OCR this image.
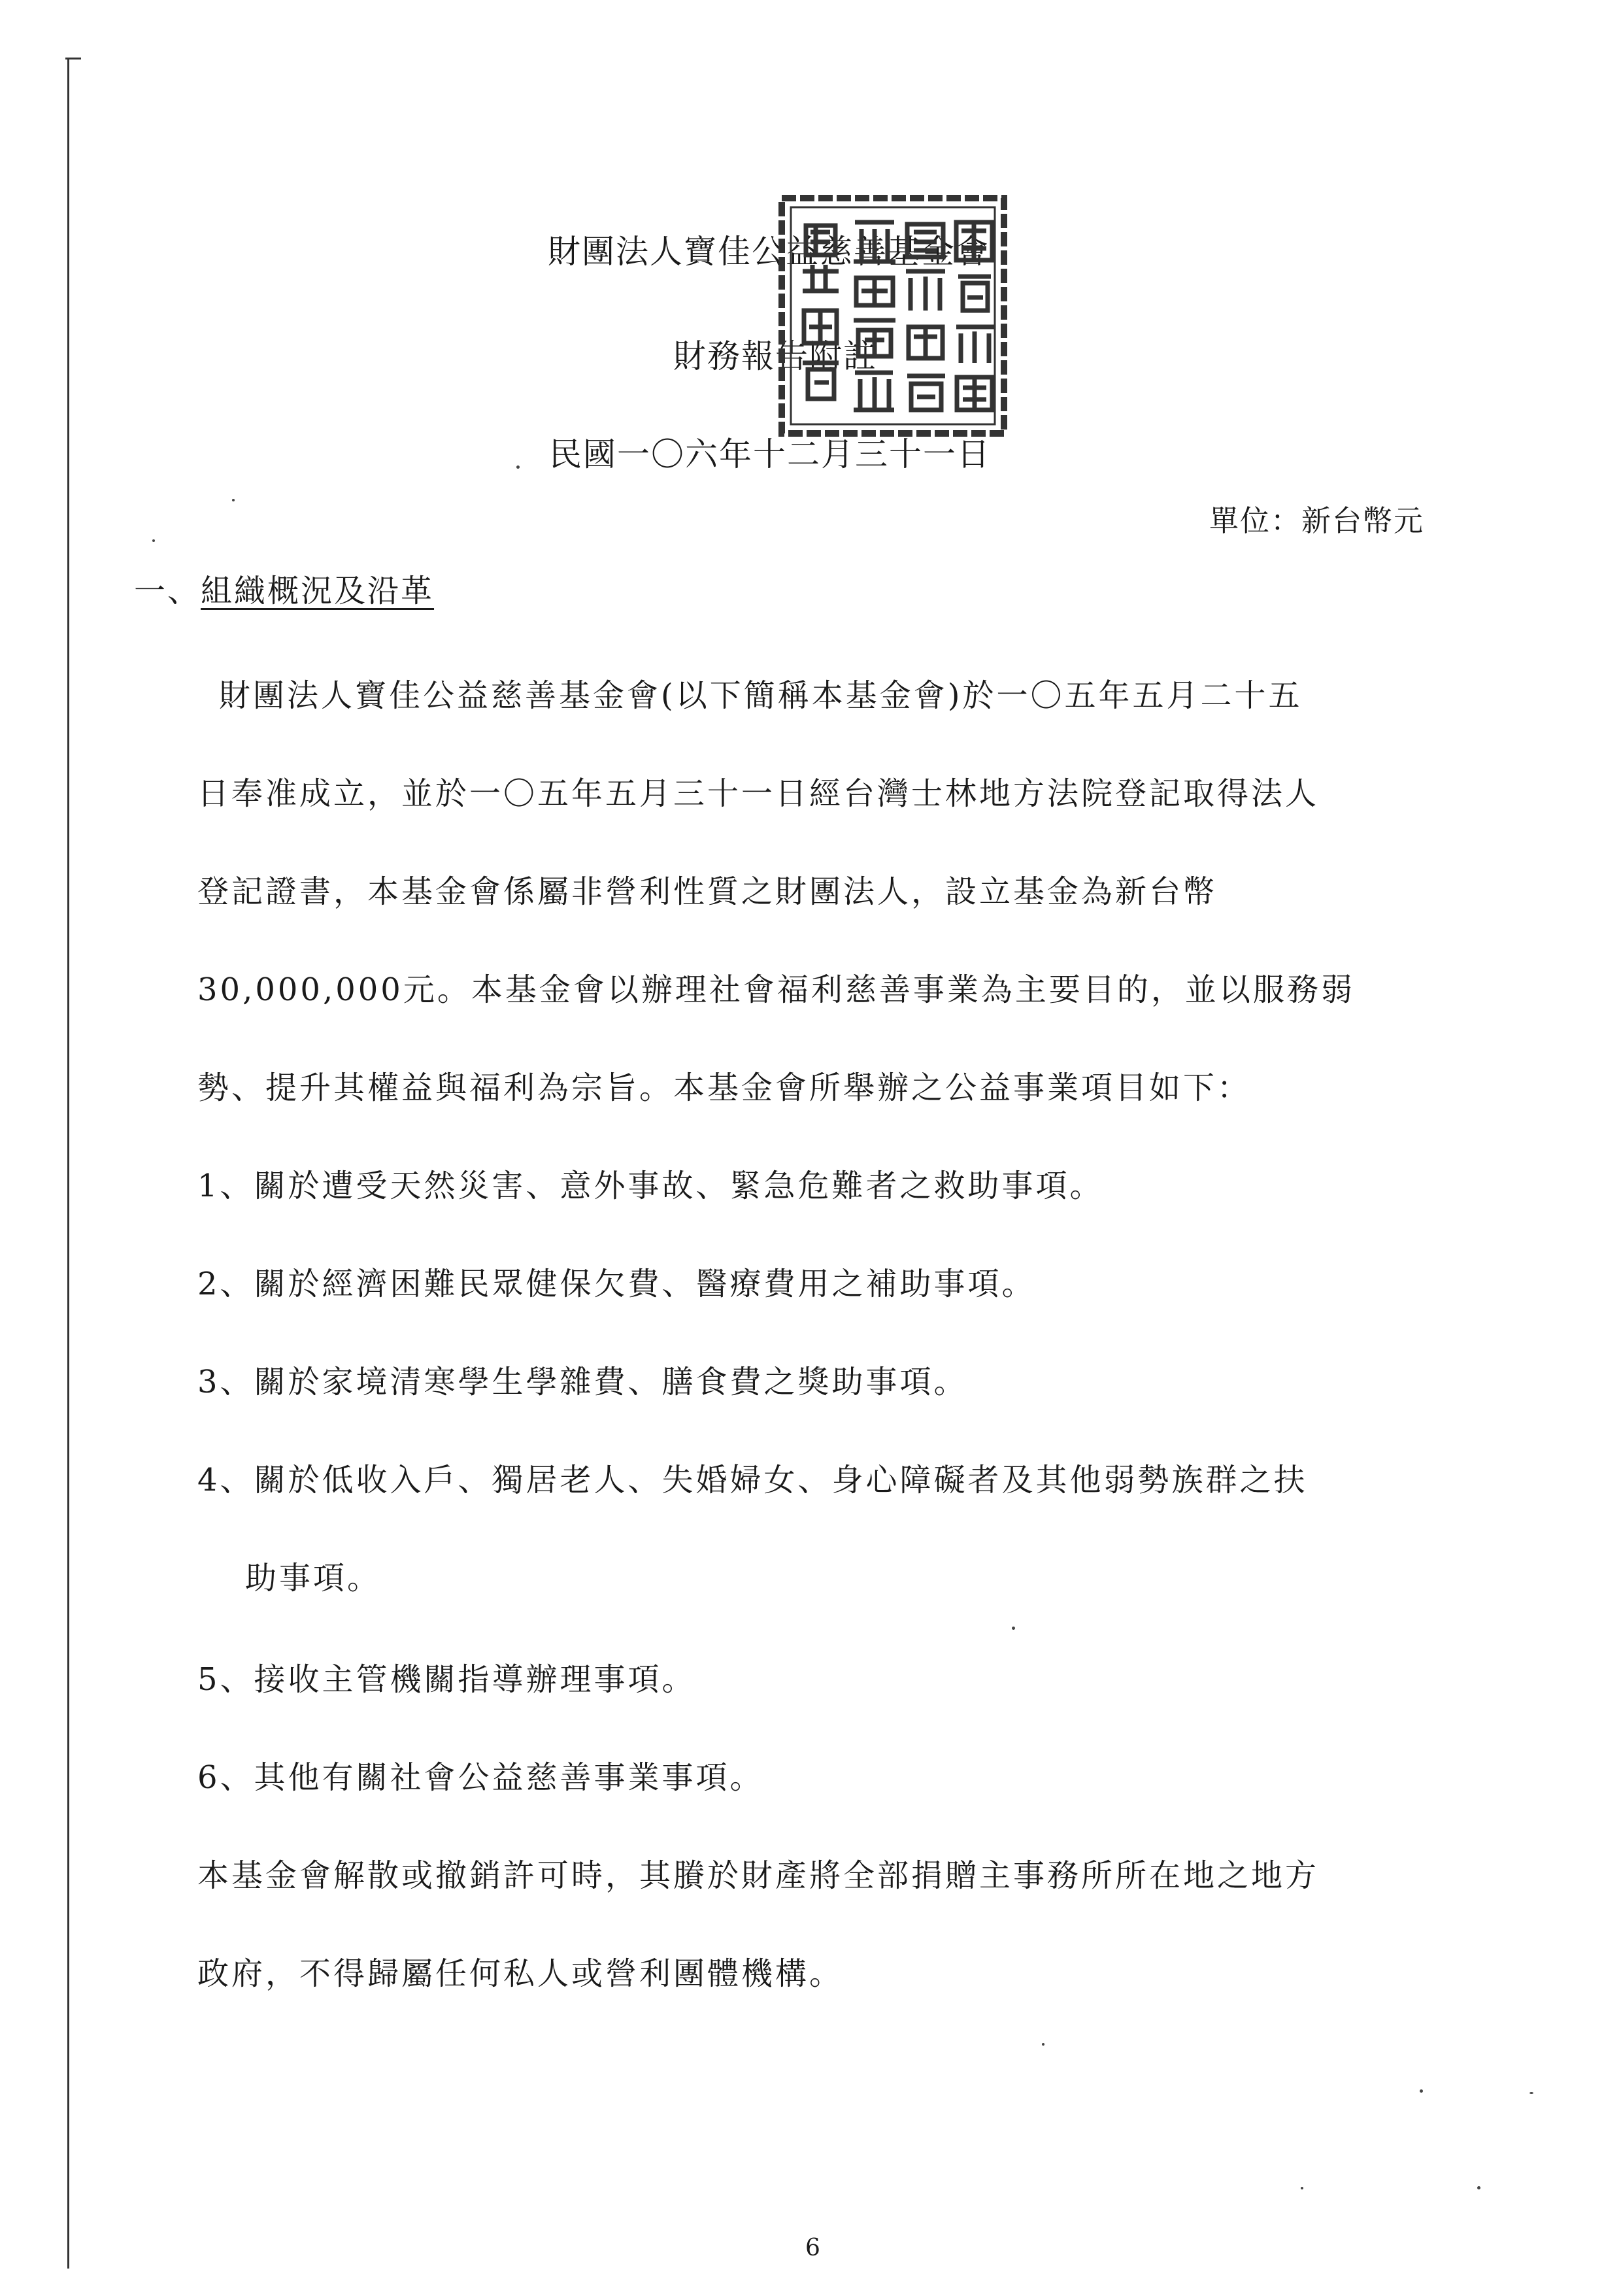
財團法人寶佳公益慈善基金會
財務報告附註
民國一〇六年十二月三十一日
單位：新台幣元
一、組織概況及沿革
財團法人寶佳公益慈善基金會(以下簡稱本基金會)於一〇五年五月二十五
日奉准成立，並於一〇五年五月三十一日經台灣士林地方法院登記取得法人
登記證書，本基金會係屬非營利性質之財團法人，設立基金為新台幣
30,000,000元。本基金會以辦理社會福利慈善事業為主要目的，並以服務弱
勢、提升其權益與福利為宗旨。本基金會所舉辦之公益事業項目如下：
1、關於遭受天然災害、意外事故、緊急危難者之救助事項。
2、關於經濟困難民眾健保欠費、醫療費用之補助事項。
3、關於家境清寒學生學雜費、膳食費之獎助事項。
4、關於低收入戶、獨居老人、失婚婦女、身心障礙者及其他弱勢族群之扶
助事項。
5、接收主管機關指導辦理事項。
6、其他有關社會公益慈善事業事項。
本基金會解散或撤銷許可時，其賸於財產將全部捐贈主事務所所在地之地方
政府，不得歸屬任何私人或營利團體機構。
6
